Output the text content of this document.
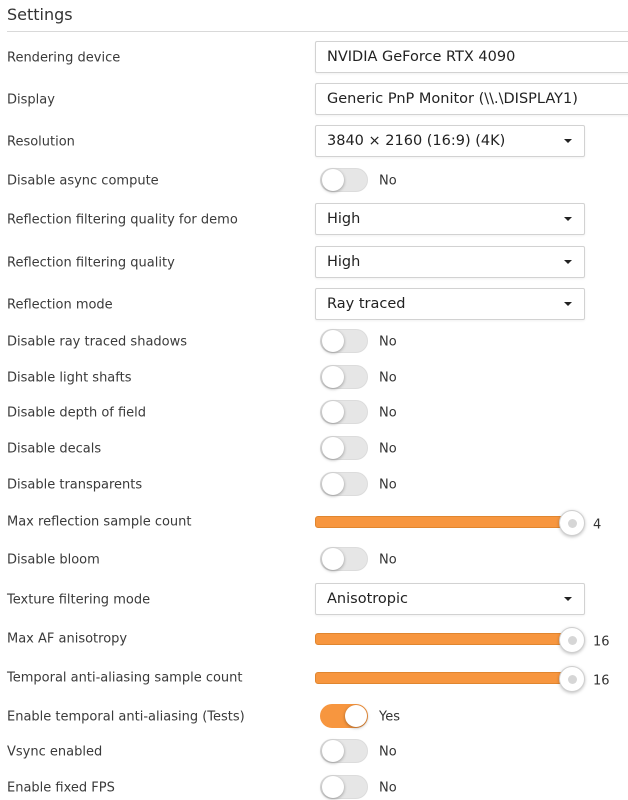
Settings
Rendering device	NVIDIA GeForce RTX 4090
Display	Generic PnP Monitor (\\.\DISPLAY1)
Resolution	3840 × 2160 (16:9) (4K)
Disable async compute	No
Reflection filtering quality for demo	High
Reflection filtering quality	High
Reflection mode	Ray traced
Disable ray traced shadows	No
Disable light shafts	No
Disable depth of field	No
Disable decals	No
Disable transparents	No
Max reflection sample count	4
Disable bloom	No
Texture filtering mode	Anisotropic
Max AF anisotropy	16
Temporal anti-aliasing sample count	16
Enable temporal anti-aliasing (Tests)	Yes
Vsync enabled	No
Enable fixed FPS	No
